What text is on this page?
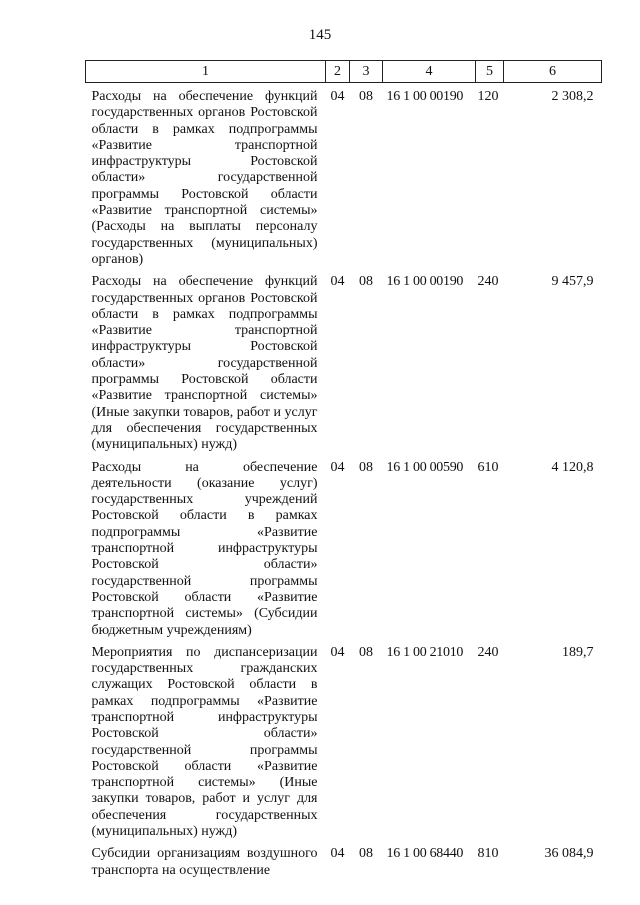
145
1	2	3	4	5	6
Расходы на обеспечение функций государственных органов Ростовской области в рамках подпрограммы «Развитие транспортной инфраструктуры Ростовской области» государственной программы Ростовской области «Развитие транспортной системы» (Расходы на выплаты персоналу государственных (муниципальных) органов)	04	08	16 1 00 00190	120	2 308,2
Расходы на обеспечение функций государственных органов Ростовской области в рамках подпрограммы «Развитие транспортной инфраструктуры Ростовской области» государственной программы Ростовской области «Развитие транспортной системы» (Иные закупки товаров, работ и услуг для обеспечения государственных (муниципальных) нужд)	04	08	16 1 00 00190	240	9 457,9
Расходы на обеспечение деятельности (оказание услуг) государственных учреждений Ростовской области в рамках подпрограммы «Развитие транспортной инфраструктуры Ростовской области» государственной программы Ростовской области «Развитие транспортной системы» (Субсидии бюджетным учреждениям)	04	08	16 1 00 00590	610	4 120,8
Мероприятия по диспансеризации государственных гражданских служащих Ростовской области в рамках подпрограммы «Развитие транспортной инфраструктуры Ростовской области» государственной программы Ростовской области «Развитие транспортной системы» (Иные закупки товаров, работ и услуг для обеспечения государственных (муниципальных) нужд)	04	08	16 1 00 21010	240	189,7
Субсидии организациям воздушного транспорта на осуществление	04	08	16 1 00 68440	810	36 084,9
